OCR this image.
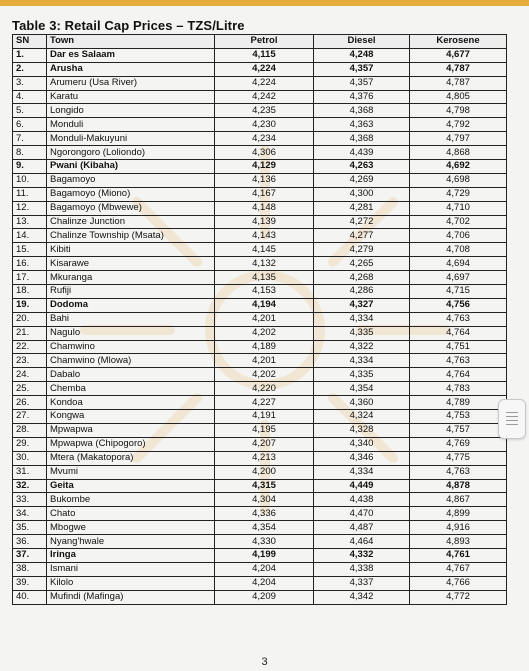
Table 3: Retail Cap Prices – TZS/Litre
SN	Town	Petrol	Diesel	Kerosene
1.	Dar es Salaam	4,115	4,248	4,677
2.	Arusha	4,224	4,357	4,787
3.	Arumeru (Usa River)	4,224	4,357	4,787
4.	Karatu	4,242	4,376	4,805
5.	Longido	4,235	4,368	4,798
6.	Monduli	4,230	4,363	4,792
7.	Monduli-Makuyuni	4,234	4,368	4,797
8.	Ngorongoro (Loliondo)	4,306	4,439	4,868
9.	Pwani (Kibaha)	4,129	4,263	4,692
10.	Bagamoyo	4,136	4,269	4,698
11.	Bagamoyo (Miono)	4,167	4,300	4,729
12.	Bagamoyo (Mbwewe)	4,148	4,281	4,710
13.	Chalinze Junction	4,139	4,272	4,702
14.	Chalinze Township (Msata)	4,143	4,277	4,706
15.	Kibiti	4,145	4,279	4,708
16.	Kisarawe	4,132	4,265	4,694
17.	Mkuranga	4,135	4,268	4,697
18.	Rufiji	4,153	4,286	4,715
19.	Dodoma	4,194	4,327	4,756
20.	Bahi	4,201	4,334	4,763
21.	Nagulo	4,202	4,335	4,764
22.	Chamwino	4,189	4,322	4,751
23.	Chamwino (Mlowa)	4,201	4,334	4,763
24.	Dabalo	4,202	4,335	4,764
25.	Chemba	4,220	4,354	4,783
26.	Kondoa	4,227	4,360	4,789
27.	Kongwa	4,191	4,324	4,753
28.	Mpwapwa	4,195	4,328	4,757
29.	Mpwapwa (Chipogoro)	4,207	4,340	4,769
30.	Mtera (Makatopora)	4,213	4,346	4,775
31.	Mvumi	4,200	4,334	4,763
32.	Geita	4,315	4,449	4,878
33.	Bukombe	4,304	4,438	4,867
34.	Chato	4,336	4,470	4,899
35.	Mbogwe	4,354	4,487	4,916
36.	Nyang'hwale	4,330	4,464	4,893
37.	Iringa	4,199	4,332	4,761
38.	Ismani	4,204	4,338	4,767
39.	Kilolo	4,204	4,337	4,766
40.	Mufindi (Mafinga)	4,209	4,342	4,772
3
